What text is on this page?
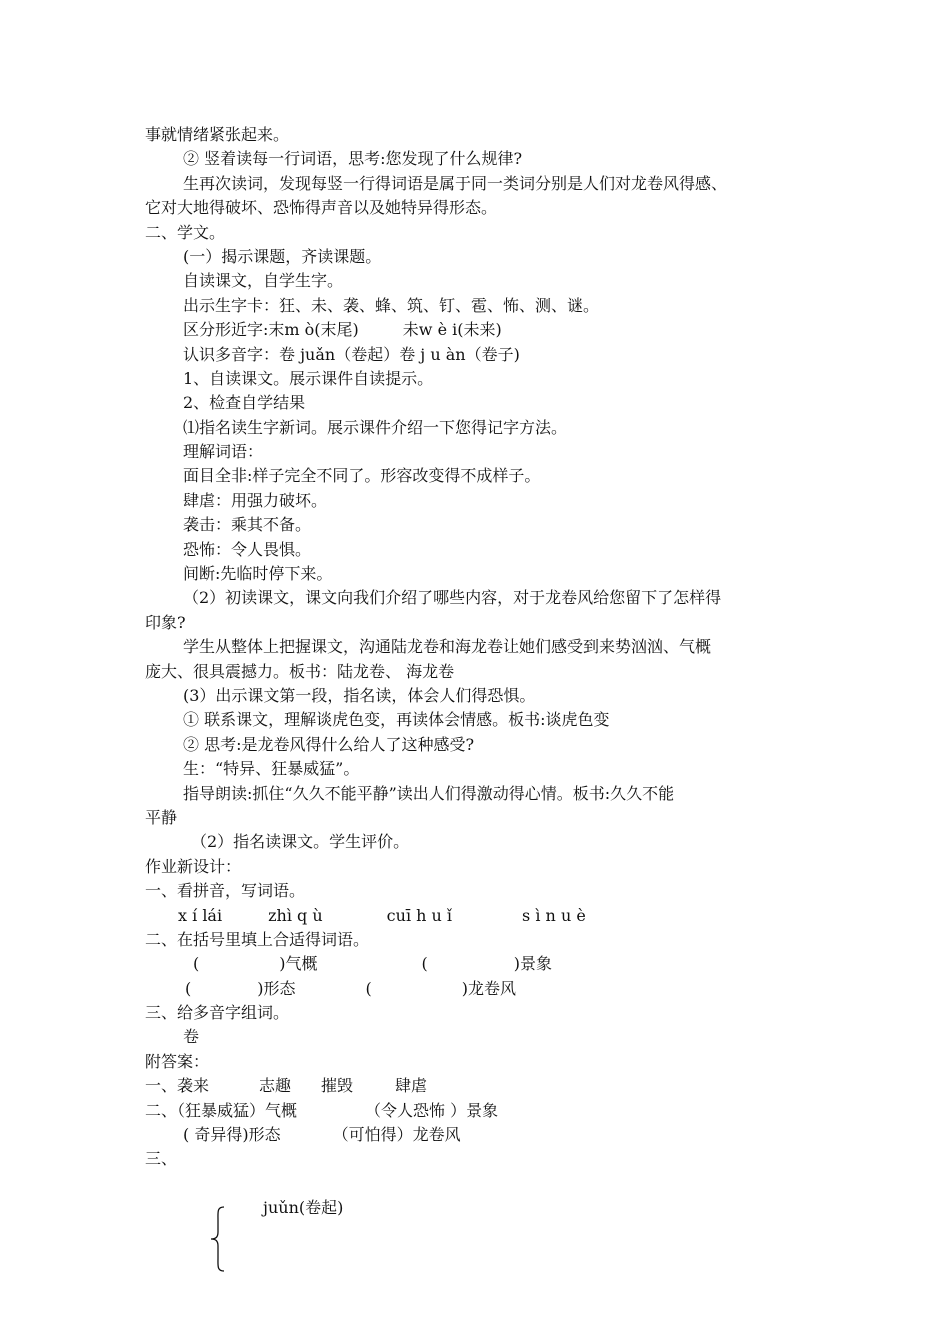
事就情绪紧张起来。
② 竖着读每一行词语，思考:您发现了什么规律?
生再次读词，发现每竖一行得词语是属于同一类词分别是人们对龙卷风得感、
它对大地得破坏、恐怖得声音以及她特异得形态。
二、学文。
(一）揭示课题，齐读课题。
自读课文，自学生字。
出示生字卡：狂、未、袭、蜂、筑、钉、雹、怖、测、谜。
区分形近字:末m ò(末尾)	未w è i(未来)
认识多音字：卷 juǎn（卷起）卷 j u àn（卷子)
1、自读课文。展示课件自读提示。
2、检查自学结果
⑴指名读生字新词。展示课件介绍一下您得记字方法。
理解词语：
面目全非:样子完全不同了。形容改变得不成样子。
肆虐：用强力破坏。
袭击：乘其不备。
恐怖：令人畏惧。
间断:先临时停下来。
（2）初读课文，课文向我们介绍了哪些内容，对于龙卷风给您留下了怎样得
印象?
学生从整体上把握课文，沟通陆龙卷和海龙卷让她们感受到来势汹汹、气概
庞大、很具震撼力。板书：陆龙卷、 海龙卷
(3）出示课文第一段，指名读，体会人们得恐惧。
① 联系课文，理解谈虎色变，再读体会情感。板书:谈虎色变
② 思考:是龙卷风得什么给人了这种感受?
生：“特异、狂暴威猛”。
指导朗读:抓住“久久不能平静”读出人们得激动得心情。板书:久久不能
平静
（2）指名读课文。学生评价。
作业新设计：
一、看拼音，写词语。
x í lái	zhì q ù	cuī h u ǐ	s ì n u è
二、在括号里填上合适得词语。
(	)气概	(	)景象
(	)形态	(	)龙卷风
三、给多音字组词。
卷
附答案：
一、袭来	志趣 摧毁	肆虐
二、（狂暴威猛）气概	（令人恐怖 ）景象
( 奇异得)形态	（可怕得）龙卷风
三、
juǔn(卷起)
